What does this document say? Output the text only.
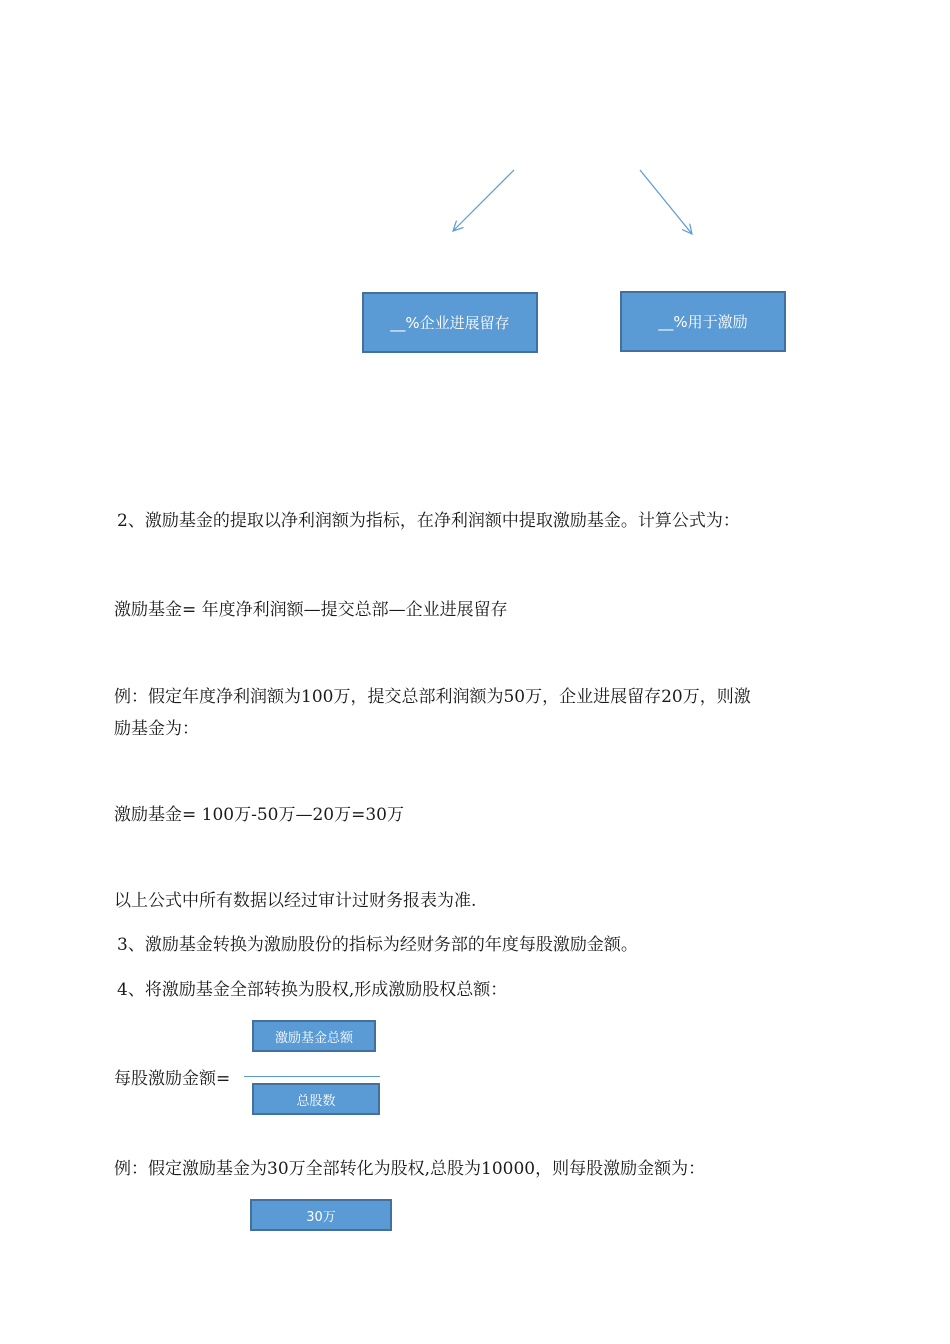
__%企业进展留存	__%用于激励
2、激励基金的提取以净利润额为指标，在净利润额中提取激励基金。计算公式为：
激励基金= 年度净利润额—提交总部—企业进展留存
例：假定年度净利润额为100万，提交总部利润额为50万，企业进展留存20万，则激
励基金为：
激励基金= 100万-50万—20万=30万
以上公式中所有数据以经过审计过财务报表为准.
3、激励基金转换为激励股份的指标为经财务部的年度每股激励金额。
4、将激励基金全部转换为股权,形成激励股权总额：
激励基金总额
每股激励金额=
总股数
例：假定激励基金为30万全部转化为股权,总股为10000，则每股激励金额为：
30万
